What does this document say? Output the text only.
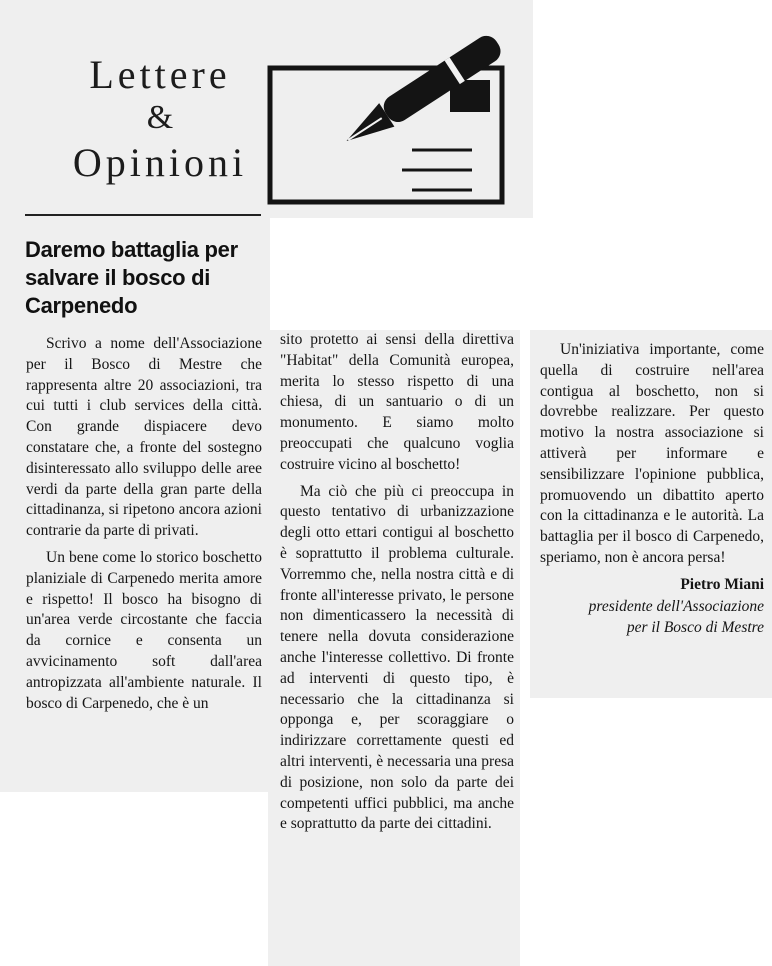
Lettere
&
Opinioni
Daremo battaglia per salvare il bosco di Carpenedo

Scrivo a nome dell'Associazione per il Bosco di Mestre che rappresenta altre 20 associazioni, tra cui tutti i club services della città. Con grande dispiacere devo constatare che, a fronte del sostegno disinteressato allo sviluppo delle aree verdi da parte della gran parte della cittadinanza, si ripetono ancora azioni contrarie da parte di privati.

Un bene come lo storico boschetto planiziale di Carpenedo merita amore e rispetto! Il bosco ha bisogno di un'area verde circostante che faccia da cornice e consenta un avvicinamento soft dall'area antropizzata all'ambiente naturale. Il bosco di Carpenedo, che è un

sito protetto ai sensi della direttiva "Habitat" della Comunità europea, merita lo stesso rispetto di una chiesa, di un santuario o di un monumento. E siamo molto preoccupati che qualcuno voglia costruire vicino al boschetto!

Ma ciò che più ci preoccupa in questo tentativo di urbanizzazione degli otto ettari contigui al boschetto è soprattutto il problema culturale. Vorremmo che, nella nostra città e di fronte all'interesse privato, le persone non dimenticassero la necessità di tenere nella dovuta considerazione anche l'interesse collettivo. Di fronte ad interventi di questo tipo, è necessario che la cittadinanza si opponga e, per scoraggiare o indirizzare correttamente questi ed altri interventi, è necessaria una presa di posizione, non solo da parte dei competenti uffici pubblici, ma anche e soprattutto da parte dei cittadini.

Un'iniziativa importante, come quella di costruire nell'area contigua al boschetto, non si dovrebbe realizzare. Per questo motivo la nostra associazione si attiverà per informare e sensibilizzare l'opinione pubblica, promuovendo un dibattito aperto con la cittadinanza e le autorità. La battaglia per il bosco di Carpenedo, speriamo, non è ancora persa!

Pietro Miani
presidente dell'Associazione
per il Bosco di Mestre
